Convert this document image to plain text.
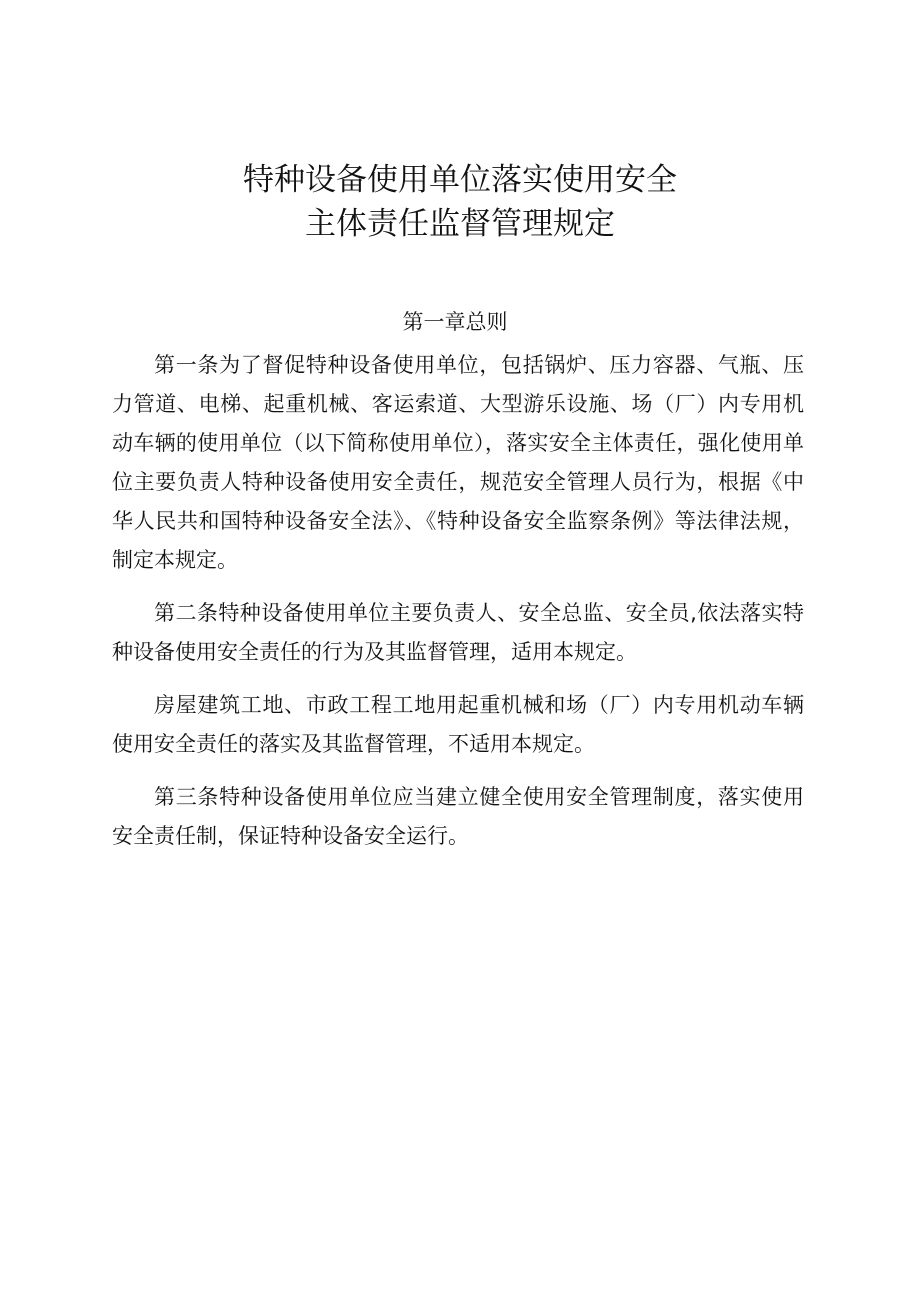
特种设备使用单位落实使用安全
主体责任监督管理规定
第一章总则

第一条为了督促特种设备使用单位，包括锅炉、压力容器、气瓶、压力管道、电梯、起重机械、客运索道、大型游乐设施、场（厂）内专用机动车辆的使用单位（以下简称使用单位），落实安全主体责任，强化使用单位主要负责人特种设备使用安全责任，规范安全管理人员行为，根据《中华人民共和国特种设备安全法》、《特种设备安全监察条例》等法律法规，制定本规定。

第二条特种设备使用单位主要负责人、安全总监、安全员,依法落实特种设备使用安全责任的行为及其监督管理，适用本规定。

房屋建筑工地、市政工程工地用起重机械和场（厂）内专用机动车辆使用安全责任的落实及其监督管理，不适用本规定。

第三条特种设备使用单位应当建立健全使用安全管理制度，落实使用安全责任制，保证特种设备安全运行。
